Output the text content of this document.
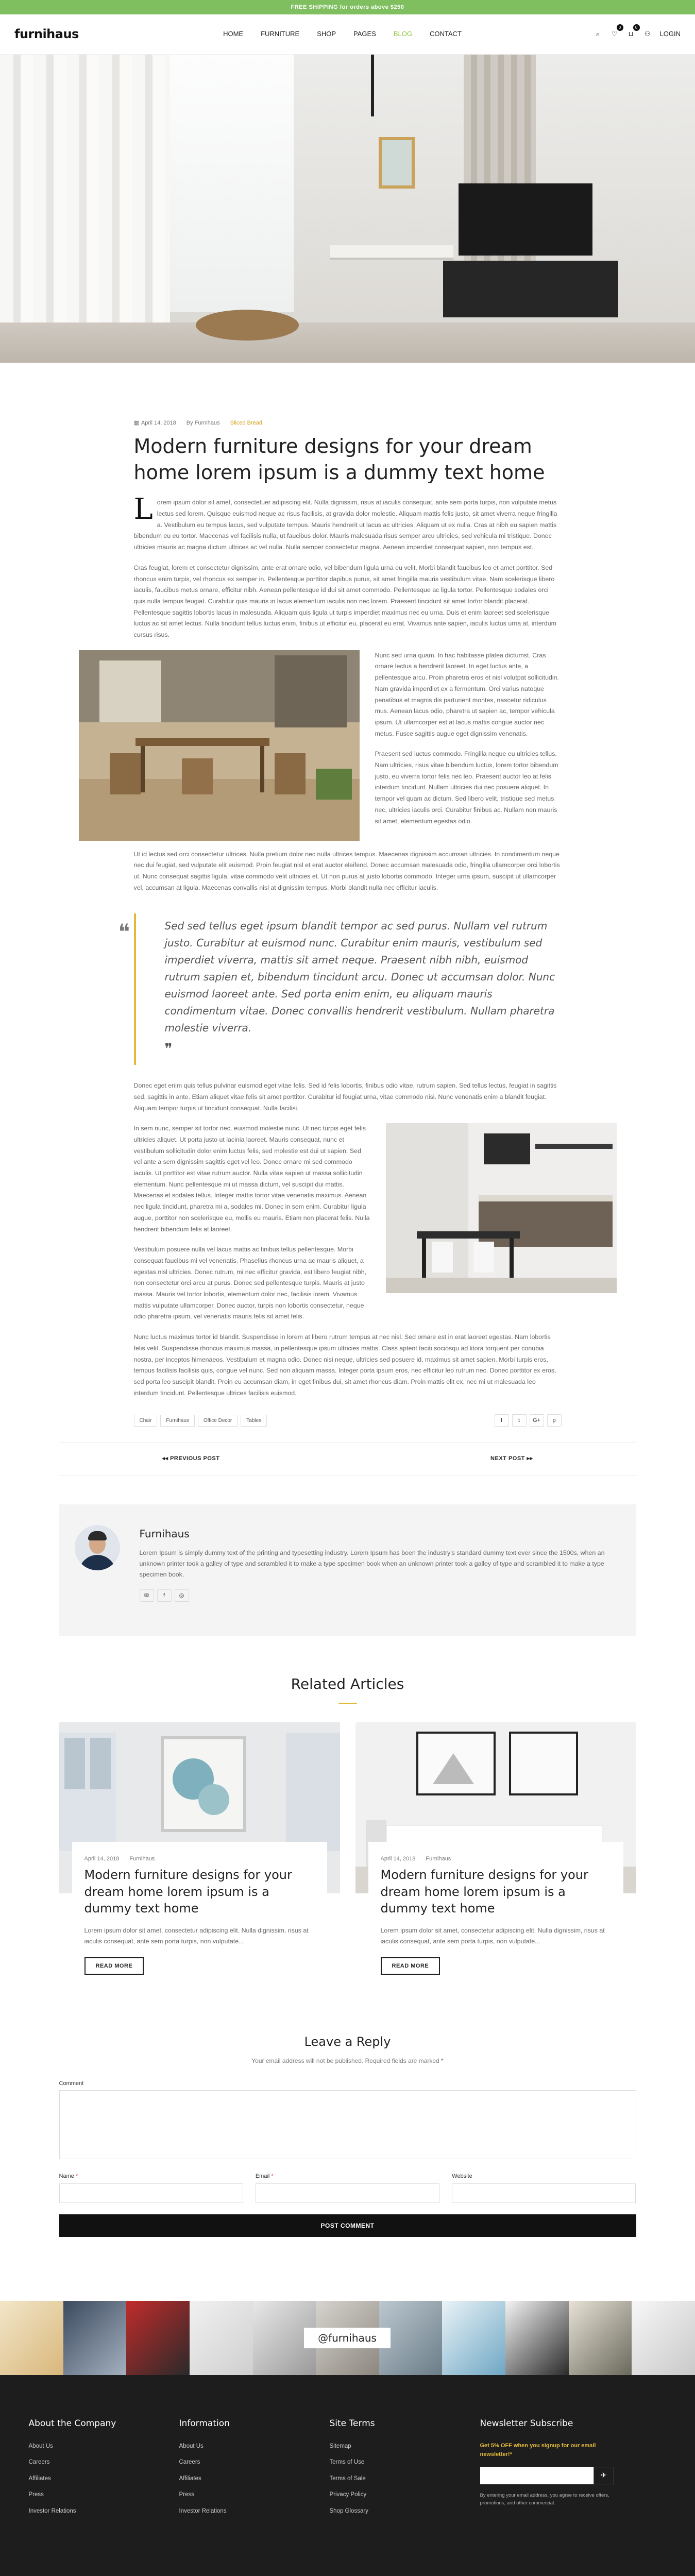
FREE SHIPPING for orders above $250
furnihaus	HOME	FURNITURE	SHOP	PAGES	BLOG	CONTACT	⌕	♡
0
⊔
0
⚇ LOGIN
▦ April 14, 2018 By Furnihaus Sliced Bread
Modern furniture designs for your dream home lorem ipsum is a dummy text home

Lorem ipsum dolor sit amet, consectetuer adipiscing elit. Nulla dignissim, risus at iaculis consequat, ante sem porta turpis, non vulputate metus lectus sed lorem. Quisque euismod neque ac risus facilisis, at gravida dolor molestie. Aliquam mattis felis justo, sit amet viverra neque fringilla a. Vestibulum eu tempus lacus, sed vulputate tempus. Mauris hendrerit ut lacus ac ultricies. Aliquam ut ex nulla. Cras at nibh eu sapien mattis bibendum eu eu tortor. Maecenas vel facilisis nulla, ut faucibus dolor. Mauris malesuada risus semper arcu ultricies, sed vehicula mi tristique. Donec ultricies mauris ac magna dictum ultrices ac vel nulla. Nulla semper consectetur magna. Aenean imperdiet consequat sapien, non tempus est.

Cras feugiat, lorem et consectetur dignissim, ante erat ornare odio, vel bibendum ligula urna eu velit. Morbi blandit faucibus leo et amet porttitor. Sed rhoncus enim turpis, vel rhoncus ex semper in. Pellentesque porttitor dapibus purus, sit amet fringilla mauris vestibulum vitae. Nam scelerisque libero iaculis, faucibus metus ornare, efficitur nibh. Aenean pellentesque id dui sit amet commodo. Pellentesque ac ligula tortor. Pellentesque sodales orci quis nulla tempus feugiat. Curabitur quis mauris in lacus elementum iaculis non nec lorem. Praesent tincidunt sit amet tortor blandit placerat. Pellentesque sagittis lobortis lacus in malesuada. Aliquam quis ligula ut turpis imperdiet maximus nec eu urna. Duis et enim laoreet sed scelerisque luctus ac sit amet lectus. Nulla tincidunt tellus luctus enim, finibus ut efficitur eu, placerat eu erat. Vivamus ante sapien, iaculis luctus urna at, interdum cursus risus.

Nunc sed urna quam. In hac habitasse platea dictumst. Cras ornare lectus a hendrerit laoreet. In eget luctus ante, a pellentesque arcu. Proin pharetra eros et nisl volutpat sollicitudin. Nam gravida imperdiet ex a fermentum. Orci varius natoque penatibus et magnis dis parturient montes, nascetur ridiculus mus. Aenean lacus odio, pharetra ut sapien ac, tempor vehicula ipsum. Ut ullamcorper est at lacus mattis congue auctor nec metus. Fusce sagittis augue eget dignissim venenatis.

Praesent sed luctus commodo. Fringilla neque eu ultricies tellus. Nam ultricies, risus vitae bibendum luctus, lorem tortor bibendum justo, eu viverra tortor felis nec leo. Praesent auctor leo at felis interdum tincidunt. Nullam ultricies dui nec posuere aliquet. In tempor vel quam ac dictum. Sed libero velit, tristique sed metus nec, ultricies iaculis orci. Curabitur finibus ac. Nullam non mauris sit amet, elementum egestas odio.

Ut id lectus sed orci consectetur ultrices. Nulla pretium dolor nec nulla ultrices tempus. Maecenas dignissim accumsan ultricies. In condimentum neque nec dui feugiat, sed vulputate elit euismod. Proin feugiat nisl et erat auctor eleifend. Donec accumsan malesuada odio, fringilla ullamcorper orci lobortis ut. Nunc consequat sagittis ligula, vitae commodo velit ultricies et. Ut non purus at justo lobortis commodo. Integer urna ipsum, suscipit ut ullamcorper vel, accumsan at ligula. Maecenas convallis nisl at dignissim tempus. Morbi blandit nulla nec efficitur iaculis.

❝	Sed sed tellus eget ipsum blandit tempor ac sed purus. Nullam vel rutrum justo. Curabitur at euismod nunc. Curabitur enim mauris, vestibulum sed imperdiet viverra, mattis sit amet neque. Praesent nibh nibh, euismod rutrum sapien et, bibendum tincidunt arcu. Donec ut accumsan dolor. Nunc euismod laoreet ante. Sed porta enim enim, eu aliquam mauris condimentum vitae. Donec convallis hendrerit vestibulum. Nullam pharetra molestie viverra.

❞

Donec eget enim quis tellus pulvinar euismod eget vitae felis. Sed id felis lobortis, finibus odio vitae, rutrum sapien. Sed tellus lectus, feugiat in sagittis sed, sagittis in ante. Etiam aliquet vitae felis sit amet porttitor. Curabitur id feugiat urna, vitae commodo nisi. Nunc venenatis enim a blandit feugiat. Aliquam tempor turpis ut tincidunt consequat. Nulla facilisi.

In sem nunc, semper sit tortor nec, euismod molestie nunc. Ut nec turpis eget felis ultricies aliquet. Ut porta justo ut lacinia laoreet. Mauris consequat, nunc et vestibulum sollicitudin dolor enim luctus felis, sed molestie est dui ut sapien. Sed vel ante a sem dignissim sagittis eget vel leo. Donec ornare mi sed commodo iaculis. Ut porttitor est vitae rutrum auctor. Nulla vitae sapien ut massa sollicitudin elementum. Nunc pellentesque mi ut massa dictum, vel suscipit dui mattis. Maecenas et sodales tellus. Integer mattis tortor vitae venenatis maximus. Aenean nec ligula tincidunt, pharetra mi a, sodales mi. Donec in sem enim. Curabitur ligula augue, porttitor non scelerisque eu, mollis eu mauris. Etiam non placerat felis. Nulla hendrerit bibendum felis at laoreet.

Vestibulum posuere nulla vel lacus mattis ac finibus tellus pellentesque. Morbi consequat faucibus mi vel venenatis. Phasellus rhoncus urna ac mauris aliquet, a egestas nisl ultricies. Donec rutrum, mi nec efficitur gravida, est libero feugiat nibh, non consectetur orci arcu at purus. Donec sed pellentesque turpis. Mauris at justo massa. Mauris vel tortor lobortis, elementum dolor nec, facilisis lorem. Vivamus mattis vulputate ullamcorper. Donec auctor, turpis non lobortis consectetur, neque odio pharetra ipsum, vel venenatis mauris felis sit amet felis.

Nunc luctus maximus tortor id blandit. Suspendisse in lorem at libero rutrum tempus at nec nisl. Sed ornare est in erat laoreet egestas. Nam lobortis felis velit. Suspendisse rhoncus maximus massa, in pellentesque ipsum ultricies mattis. Class aptent taciti sociosqu ad litora torquent per conubia nostra, per inceptos himenaeos. Vestibulum et magna odio. Donec nisi neque, ultricies sed posuere id, maximus sit amet sapien. Morbi turpis eros, tempus facilisis facilisis quis, congue vel nunc. Sed non aliquam massa. Integer porta ipsum eros, nec efficitur leo rutrum nec. Donec porttitor ex eros, sed porta leo suscipit blandit. Proin eu accumsan diam, in eget finibus dui, sit amet rhoncus diam. Proin mattis elit ex, nec mi ut malesuada leo interdum tincidunt. Pellentesque ultrices facilisis euismod.

Chair	Furnihaus	Office Decor	Tables	f	t	G+	p
◂◂ PREVIOUS POST	NEXT POST ▸▸
Furnihaus

Lorem Ipsum is simply dummy text of the printing and typesetting industry. Lorem Ipsum has been the industry's standard dummy text ever since the 1500s, when an unknown printer took a galley of type and scrambled it to make a type specimen book when an unknown printer took a galley of type and scrambled it to make a type specimen book.

✉	f	◎
Related Articles
April 14, 2018 Furnihaus
Modern furniture designs for your dream home lorem ipsum is a dummy text home

Lorem ipsum dolor sit amet, consectetur adipiscing elit. Nulla dignissim, risus at iaculis consequat, ante sem porta turpis, non vulputate...

READ MORE
April 14, 2018 Furnihaus
Modern furniture designs for your dream home lorem ipsum is a dummy text home

Lorem ipsum dolor sit amet, consectetur adipiscing elit. Nulla dignissim, risus at iaculis consequat, ante sem porta turpis, non vulputate...

READ MORE
Leave a Reply
Your email address will not be published. Required fields are marked *
Comment
Name *	Email *	Website
POST COMMENT
@furnihaus
About the Company
About Us
Careers
Affiliates
Press
Investor Relations
Information
About Us
Careers
Affiliates
Press
Investor Relations
Site Terms
Sitemap
Terms of Use
Terms of Sale
Privacy Policy
Shop Glossary
Newsletter Subscribe
Get 5% OFF when you signup for our email newsletter!*
✈
By entering your email address, you agree to receive offers, promotions, and other commercial.
